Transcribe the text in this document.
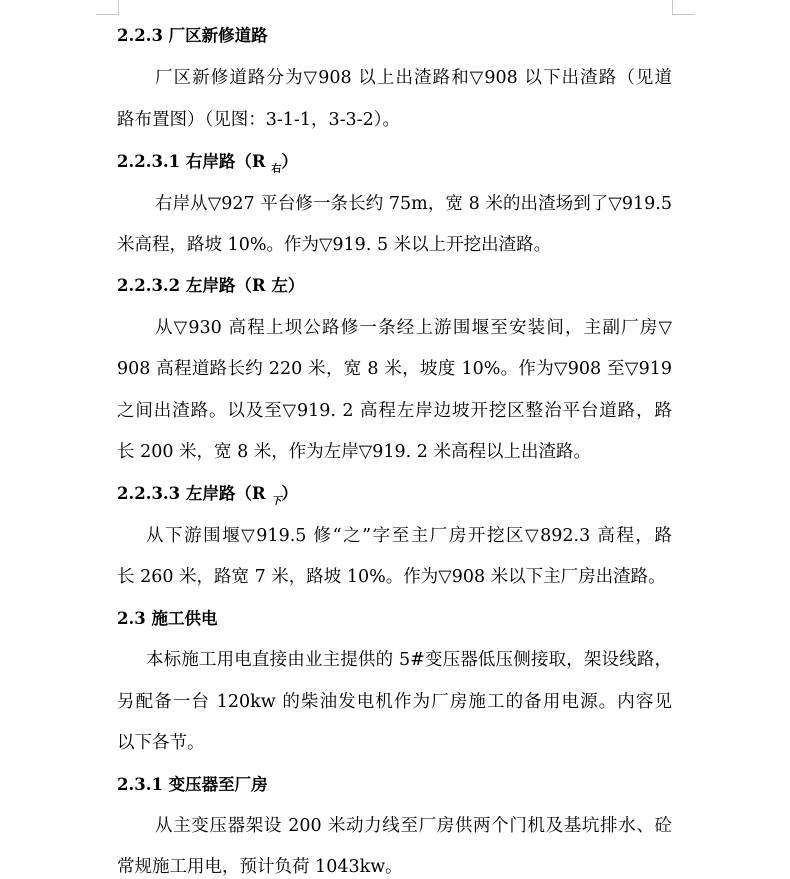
2.2.3 厂区新修道路
厂区新修道路分为▽908 以上出渣路和▽908 以下出渣路（见道
路布置图）（见图：3-1-1，3-3-2）。
2.2.3.1 右岸路（R $_右$）
右岸从▽927 平台修一条长约 75m，宽 8 米的出渣场到了▽919.5
米高程，路坡 10%。作为▽919. 5 米以上开挖出渣路。
2.2.3.2 左岸路（R 左）
从▽930 高程上坝公路修一条经上游围堰至安装间，主副厂房▽
908 高程道路长约 220 米，宽 8 米，坡度 10%。作为▽908 至▽919
之间出渣路。以及至▽919. 2 高程左岸边坡开挖区整治平台道路，路
长 200 米，宽 8 米，作为左岸▽919. 2 米高程以上出渣路。
2.2.3.3 左岸路（R $_下$）
从下游围堰▽919.5 修“之”字至主厂房开挖区▽892.3 高程，路
长 260 米，路宽 7 米，路坡 10%。作为▽908 米以下主厂房出渣路。
2.3 施工供电
本标施工用电直接由业主提供的 5#变压器低压侧接取，架设线路，
另配备一台 120kw 的柴油发电机作为厂房施工的备用电源。内容见
以下各节。
2.3.1 变压器至厂房
从主变压器架设 200 米动力线至厂房供两个门机及基坑排水、砼
常规施工用电，预计负荷 1043kw。
